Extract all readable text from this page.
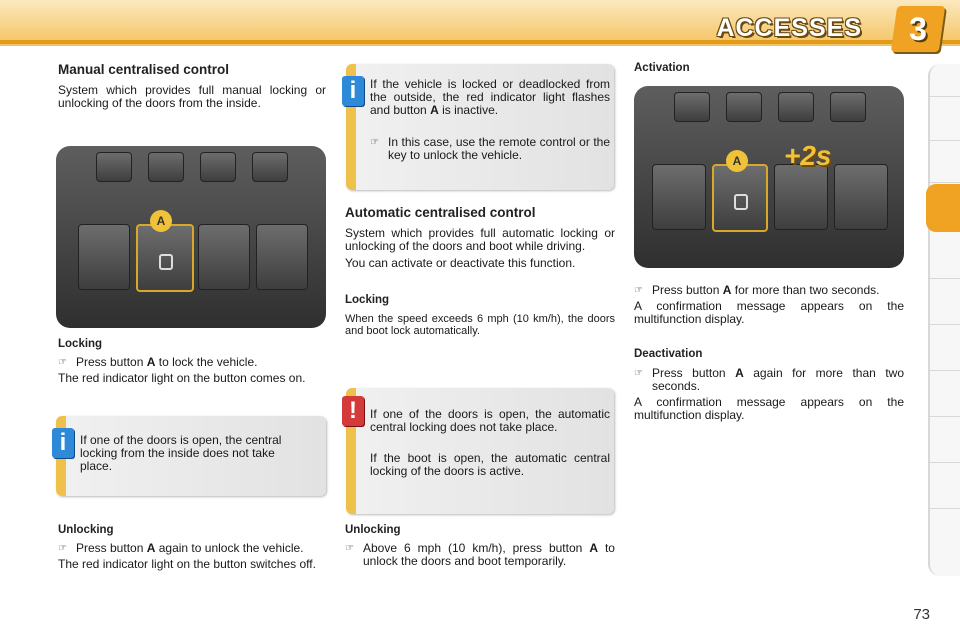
ACCESSES	3
Manual centralised control

System which provides full manual locking or unlocking of the doors from the inside.

A
Locking
☞ Press button A to lock the vehicle.

The red indicator light on the button comes on.

If one of the doors is open, the central locking from the inside does not take place.
i
Unlocking
☞ Press button A again to unlock the vehicle.

The red indicator light on the button switches off.

If the vehicle is locked or deadlocked from the outside, the red indicator light flashes and button A is inactive.
☞ In this case, use the remote control or the key to unlock the vehicle.
i
Automatic centralised control

System which provides full automatic locking or unlocking of the doors and boot while driving.

You can activate or deactivate this function.

Locking

When the speed exceeds 6 mph (10 km/h), the doors and boot lock automatically.

If one of the doors is open, the automatic central locking does not take place.
If the boot is open, the automatic central locking of the doors is active.
!
Unlocking
☞ Above 6 mph (10 km/h), press button A to unlock the doors and boot temporarily.
Activation
A +2s
☞ Press button A for more than two seconds.

A confirmation message appears on the multifunction display.

Deactivation
☞ Press button A again for more than two seconds.

A confirmation message appears on the multifunction display.

73
